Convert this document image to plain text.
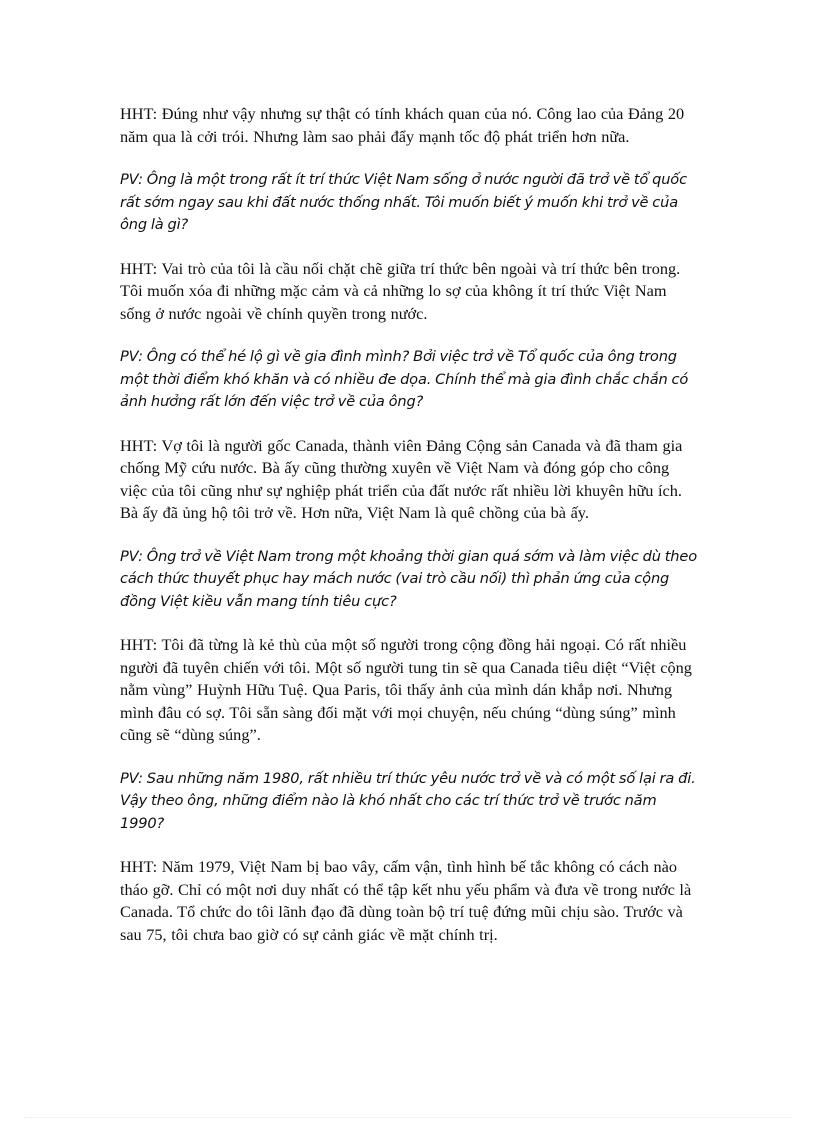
HHT: Đúng như vậy nhưng sự thật có tính khách quan của nó. Công lao của Đảng 20 năm qua là cởi trói. Nhưng làm sao phải đẩy mạnh tốc độ phát triển hơn nữa.

PV: Ông là một trong rất ít trí thức Việt Nam sống ở nước người đã trở về tổ quốc rất sớm ngay sau khi đất nước thống nhất. Tôi muốn biết ý muốn khi trở về của ông là gì?

HHT: Vai trò của tôi là cầu nối chặt chẽ giữa trí thức bên ngoài và trí thức bên trong. Tôi muốn xóa đi những mặc cảm và cả những lo sợ của không ít trí thức Việt Nam sống ở nước ngoài về chính quyền trong nước.

PV: Ông có thể hé lộ gì về gia đình mình? Bởi việc trở về Tổ quốc của ông trong một thời điểm khó khăn và có nhiều đe dọa. Chính thể mà gia đình chắc chắn có ảnh hưởng rất lớn đến việc trở về của ông?

HHT: Vợ tôi là người gốc Canada, thành viên Đảng Cộng sản Canada và đã tham gia chống Mỹ cứu nước. Bà ấy cũng thường xuyên về Việt Nam và đóng góp cho công việc của tôi cũng như sự nghiệp phát triển của đất nước rất nhiều lời khuyên hữu ích. Bà ấy đã ủng hộ tôi trở về. Hơn nữa, Việt Nam là quê chồng của bà ấy.

PV: Ông trở về Việt Nam trong một khoảng thời gian quá sớm và làm việc dù theo cách thức thuyết phục hay mách nước (vai trò cầu nối) thì phản ứng của cộng đồng Việt kiều vẫn mang tính tiêu cực?

HHT: Tôi đã từng là kẻ thù của một số người trong cộng đồng hải ngoại. Có rất nhiều người đã tuyên chiến với tôi. Một số người tung tin sẽ qua Canada tiêu diệt “Việt cộng nằm vùng” Huỳnh Hữu Tuệ. Qua Paris, tôi thấy ảnh của mình dán khắp nơi. Nhưng mình đâu có sợ. Tôi sẵn sàng đối mặt với mọi chuyện, nếu chúng “dùng súng” mình cũng sẽ “dùng súng”.

PV: Sau những năm 1980, rất nhiều trí thức yêu nước trở về và có một số lại ra đi. Vậy theo ông, những điểm nào là khó nhất cho các trí thức trở về trước năm 1990?

HHT: Năm 1979, Việt Nam bị bao vây, cấm vận, tình hình bế tắc không có cách nào tháo gỡ. Chỉ có một nơi duy nhất có thể tập kết nhu yếu phẩm và đưa về trong nước là Canada. Tổ chức do tôi lãnh đạo đã dùng toàn bộ trí tuệ đứng mũi chịu sào. Trước và sau 75, tôi chưa bao giờ có sự cảnh giác về mặt chính trị.
